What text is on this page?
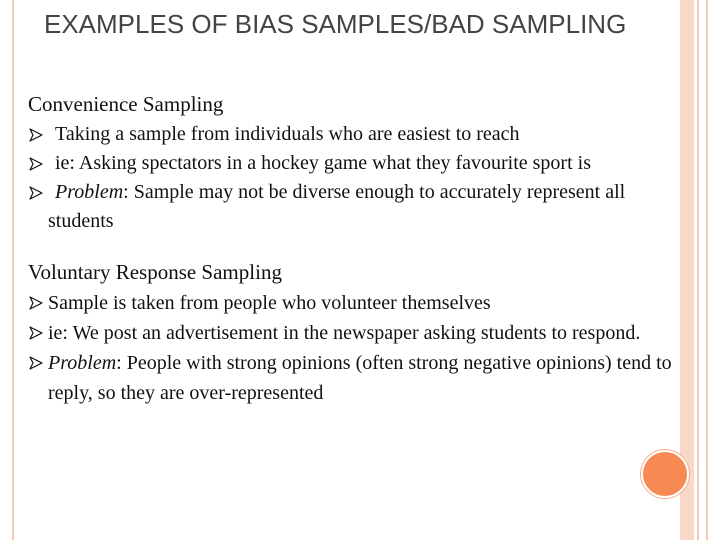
EXAMPLES OF BIAS SAMPLES/BAD SAMPLING

Convenience Sampling

Taking a sample from individuals who are easiest to reach
ie: Asking spectators in a hockey game what they favourite sport is
Problem: Sample may not be diverse enough to accurately represent all students

Voluntary Response Sampling

Sample is taken from people who volunteer themselves
ie: We post an advertisement in the newspaper asking students to respond.
Problem: People with strong opinions (often strong negative opinions) tend to reply, so they are over-represented
